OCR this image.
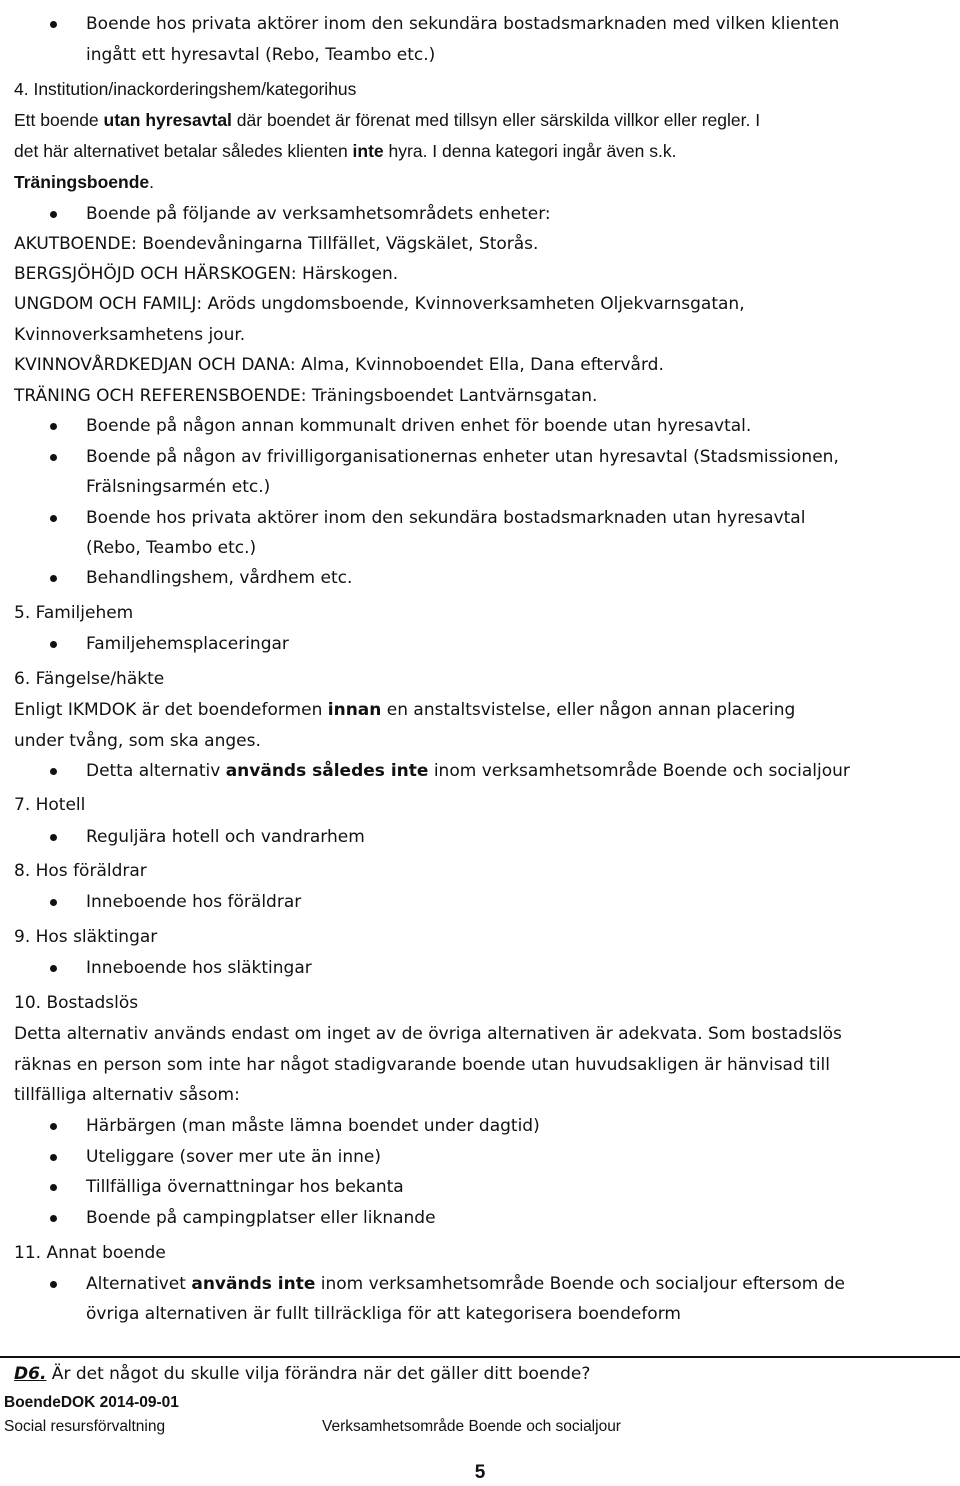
Boende hos privata aktörer inom den sekundära bostadsmarknaden med vilken klienten
ingått ett hyresavtal (Rebo, Teambo etc.)
4. Institution/inackorderingshem/kategorihus
Ett boende utan hyresavtal där boendet är förenat med tillsyn eller särskilda villkor eller regler. I
det här alternativet betalar således klienten inte hyra. I denna kategori ingår även s.k.
Träningsboende.
Boende på följande av verksamhetsområdets enheter:
AKUTBOENDE: Boendevåningarna Tillfället, Vägskälet, Storås.
BERGSJÖHÖJD OCH HÄRSKOGEN: Härskogen.
UNGDOM OCH FAMILJ: Aröds ungdomsboende, Kvinnoverksamheten Oljekvarnsgatan,
Kvinnoverksamhetens jour.
KVINNOVÅRDKEDJAN OCH DANA: Alma, Kvinnoboendet Ella, Dana eftervård.
TRÄNING OCH REFERENSBOENDE: Träningsboendet Lantvärnsgatan.
Boende på någon annan kommunalt driven enhet för boende utan hyresavtal.
Boende på någon av frivilligorganisationernas enheter utan hyresavtal (Stadsmissionen,
Frälsningsarmén etc.)
Boende hos privata aktörer inom den sekundära bostadsmarknaden utan hyresavtal
(Rebo, Teambo etc.)
Behandlingshem, vårdhem etc.
5. Familjehem
Familjehemsplaceringar
6. Fängelse/häkte
Enligt IKMDOK är det boendeformen innan en anstaltsvistelse, eller någon annan placering
under tvång, som ska anges.
Detta alternativ används således inte inom verksamhetsområde Boende och socialjour
7. Hotell
Reguljära hotell och vandrarhem
8. Hos föräldrar
Inneboende hos föräldrar
9. Hos släktingar
Inneboende hos släktingar
10. Bostadslös
Detta alternativ används endast om inget av de övriga alternativen är adekvata. Som bostadslös
räknas en person som inte har något stadigvarande boende utan huvudsakligen är hänvisad till
tillfälliga alternativ såsom:
Härbärgen (man måste lämna boendet under dagtid)
Uteliggare (sover mer ute än inne)
Tillfälliga övernattningar hos bekanta
Boende på campingplatser eller liknande
11. Annat boende
Alternativet används inte inom verksamhetsområde Boende och socialjour eftersom de
övriga alternativen är fullt tillräckliga för att kategorisera boendeform
D6. Är det något du skulle vilja förändra när det gäller ditt boende?
BoendeDOK 2014-09-01
Social resursförvaltning	Verksamhetsområde Boende och socialjour
5
